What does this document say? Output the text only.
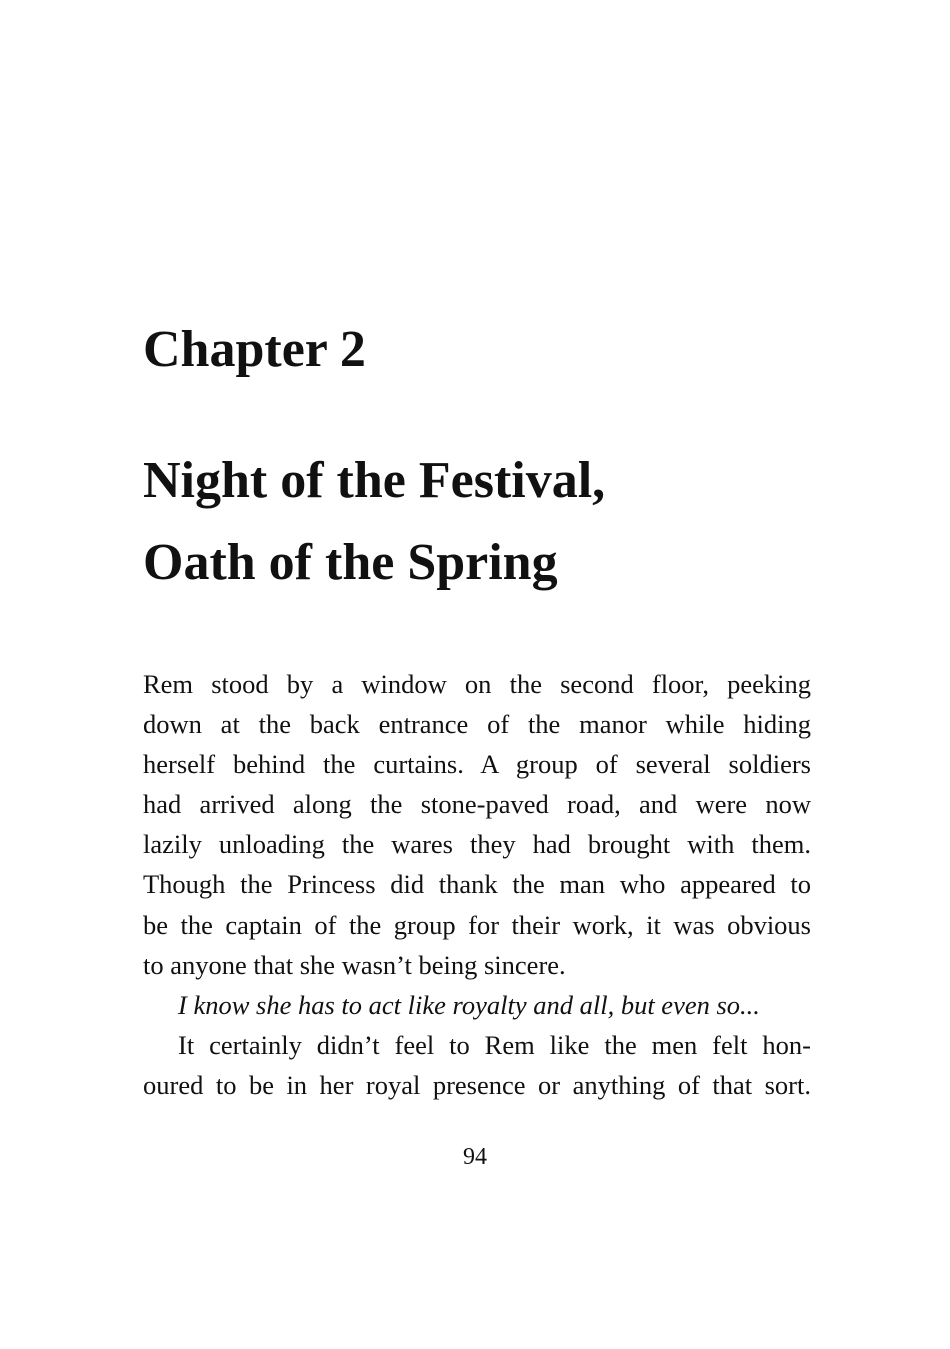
Chapter 2
Night of the Festival,
Oath of the Spring
Rem stood by a window on the second floor, peeking
down at the back entrance of the manor while hiding
herself behind the curtains. A group of several soldiers
had arrived along the stone-paved road, and were now
lazily unloading the wares they had brought with them.
Though the Princess did thank the man who appeared to
be the captain of the group for their work, it was obvious
to anyone that she wasn’t being sincere.
I know she has to act like royalty and all, but even so...
It certainly didn’t feel to Rem like the men felt hon-
oured to be in her royal presence or anything of that sort.

94
